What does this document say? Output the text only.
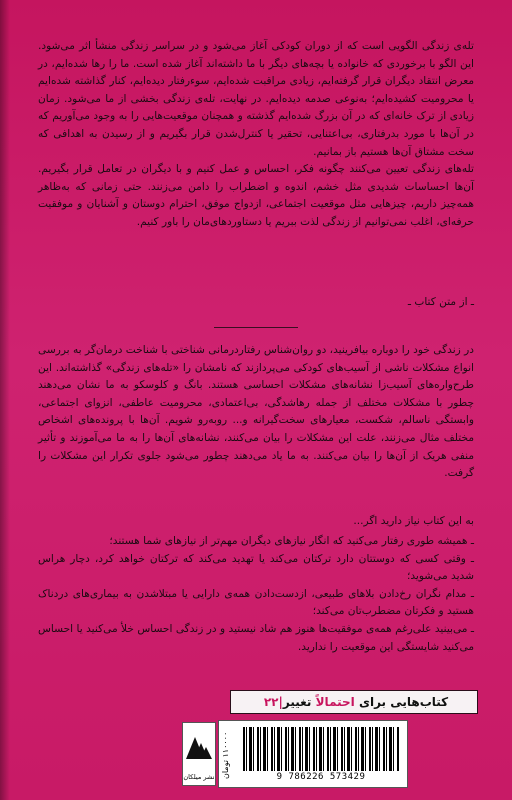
تله‌ی زندگی الگویی است که از دوران کودکی آغاز می‌شود و در سراسر زندگی منشأ اثر می‌شود. این الگو با برخوردی که خانواده یا بچه‌های دیگر با ما داشته‌اند آغاز شده است. ما را رها شده‌ایم، در معرض انتقاد دیگران قرار گرفته‌ایم، زیادی مراقبت شده‌ایم، سوءرفتار دیده‌ایم، کنار گذاشته شده‌ایم یا محرومیت کشیده‌ایم؛ به‌نوعی صدمه دیده‌ایم. در نهایت، تله‌ی زندگی بخشی از ما می‌شود. زمان زیادی از ترک خانه‌ای که در آن بزرگ شده‌ایم گذشته و همچنان موقعیت‌هایی را به وجود می‌آوریم که در آن‌ها با مورد بدرفتاری، بی‌اعتنایی، تحقیر یا کنترل‌شدن قرار بگیریم و از رسیدن به اهدافی که سخت مشتاق آن‌ها هستیم باز بمانیم.

تله‌های زندگی تعیین می‌کنند چگونه فکر، احساس و عمل کنیم و با دیگران در تعامل قرار بگیریم. آن‌ها احساسات شدیدی مثل خشم، اندوه و اضطراب را دامن می‌زنند. حتی زمانی که به‌ظاهر همه‌چیز داریم، چیزهایی مثل موقعیت اجتماعی، ازدواج موفق، احترام دوستان و آشنایان و موفقیت حرفه‌ای، اغلب نمی‌توانیم از زندگی لذت ببریم یا دستاوردهای‌مان را باور کنیم.

ـ از متن کتاب ـ

در زندگی خود را دوباره بیافرینید، دو روان‌شناس رفتاردرمانی شناختی با شناخت درمان‌گر به بررسی انواع مشکلات ناشی از آسیب‌های کودکی می‌پردازند که نامشان را «تله‌های زندگی» گذاشته‌اند. این طرح‌واره‌های آسیب‌زا نشانه‌های مشکلات احساسی هستند. بانگ و کلوسکو به ما نشان می‌دهند چطور با مشکلات مختلف از جمله رهاشدگی، بی‌اعتمادی، محرومیت عاطفی، انزوای اجتماعی، وابستگی ناسالم، شکست، معیارهای سخت‌گیرانه و... روبه‌رو شویم. آن‌ها با پرونده‌های اشخاص مختلف مثال می‌زنند، علت این مشکلات را بیان می‌کنند، نشانه‌های آن‌ها را به ما می‌آموزند و تأثیر منفی هریک از آن‌ها را بیان می‌کنند. به ما یاد می‌دهند چطور می‌شود جلوی تکرار این مشکلات را گرفت.

به این کتاب نیاز دارید اگر...

ـ همیشه طوری رفتار می‌کنید که انگار نیازهای دیگران مهم‌تر از نیازهای شما هستند؛

ـ وقتی کسی که دوستتان دارد ترکتان می‌کند یا تهدید می‌کند که ترکتان خواهد کرد، دچار هراس شدید می‌شوید؛

ـ مدام نگران رخ‌دادن بلاهای طبیعی، ازدست‌دادن همه‌ی دارایی یا مبتلاشدن به بیماری‌های دردناک هستید و فکرتان مضطرب‌تان می‌کند؛

ـ می‌بینید علی‌رغم همه‌ی موفقیت‌ها هنوز هم شاد نیستید و در زندگی احساس خلأ می‌کنید یا احساس می‌کنید شایستگی این موقعیت را ندارید.

کتاب‌هایی برای

احتمالاً

تغییر
|۲۲
۱۱۰۰۰۰ تومان
9 786226 573429
نشر میلکان
